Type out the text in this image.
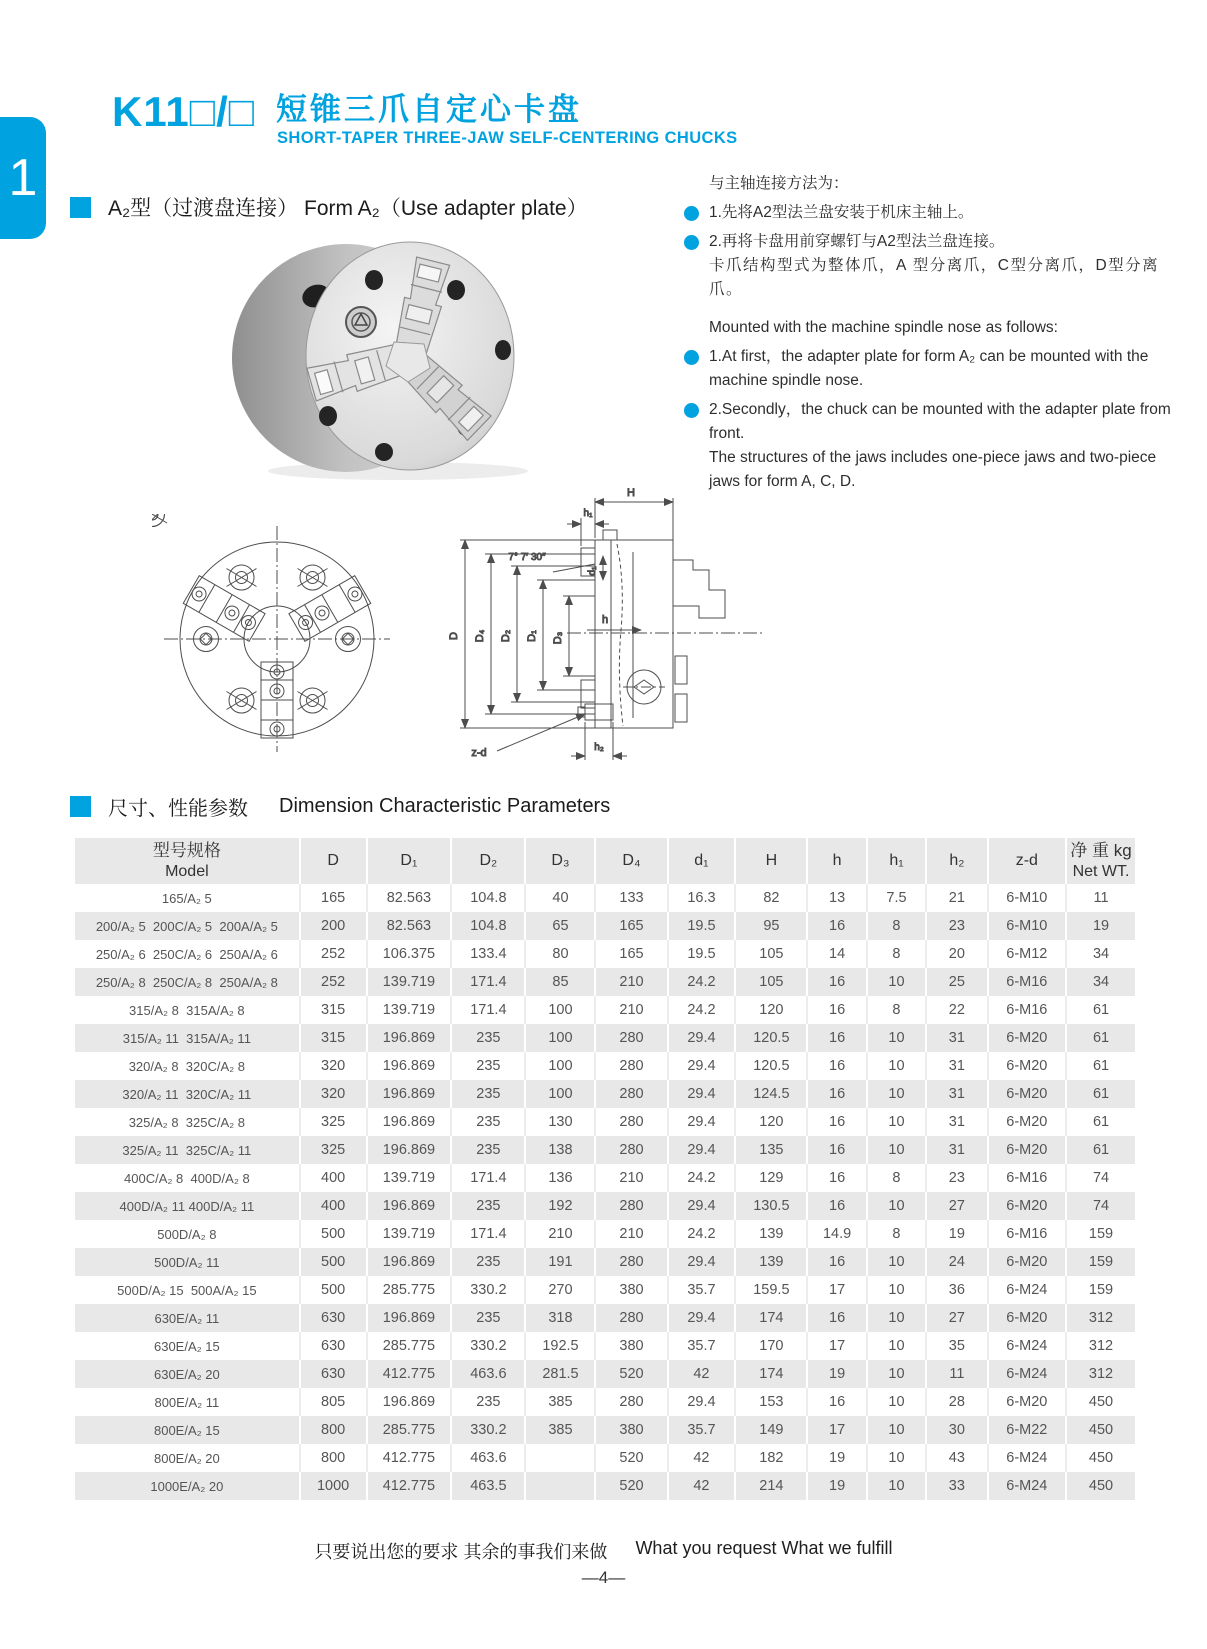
1
K11□/□ 短锥三爪自定心卡盘
SHORT-TAPER THREE-JAW SELF-CENTERING CHUCKS
A₂型（过渡盘连接） Form A₂（Use adapter plate）

与主轴连接方法为：

1.先将A2型法兰盘安装于机床主轴上。
2.再将卡盘用前穿螺钉与A2型法兰盘连接。

卡爪结构型式为整体爪，A 型分离爪，C型分离爪，D型分离爪。

Mounted with the machine spindle nose as follows:

1.At first，the adapter plate for form A₂ can be mounted with the machine spindle nose.
2.Secondly，the chuck can be mounted with the adapter plate from front.

The structures of the jaws includes one-piece jaws and two-piece jaws for form A, C, D.

H
h₁
7° 7′ 30″
d₁
D D₄ D₂ D₁ D₃
h
z-d	h₂
尺寸、性能参数 Dimension Characteristic Parameters
型号规格
Model

D	D₁	D₂	D₃	D₄	d₁	H	h	h₁	h₂	z-d

净 重 kg
Net WT.

165/A₂ 5	165	82.563	104.8	40	133	16.3	82	13	7.5	21	6-M10	11
200/A₂ 5  200C/A₂ 5  200A/A₂ 5	200	82.563	104.8	65	165	19.5	95	16	8	23	6-M10	19
250/A₂ 6  250C/A₂ 6  250A/A₂ 6	252	106.375	133.4	80	165	19.5	105	14	8	20	6-M12	34
250/A₂ 8  250C/A₂ 8  250A/A₂ 8	252	139.719	171.4	85	210	24.2	105	16	10	25	6-M16	34
315/A₂ 8  315A/A₂ 8	315	139.719	171.4	100	210	24.2	120	16	8	22	6-M16	61
315/A₂ 11  315A/A₂ 11	315	196.869	235	100	280	29.4	120.5	16	10	31	6-M20	61
320/A₂ 8  320C/A₂ 8	320	196.869	235	100	280	29.4	120.5	16	10	31	6-M20	61
320/A₂ 11  320C/A₂ 11	320	196.869	235	100	280	29.4	124.5	16	10	31	6-M20	61
325/A₂ 8  325C/A₂ 8	325	196.869	235	130	280	29.4	120	16	10	31	6-M20	61
325/A₂ 11  325C/A₂ 11	325	196.869	235	138	280	29.4	135	16	10	31	6-M20	61
400C/A₂ 8  400D/A₂ 8	400	139.719	171.4	136	210	24.2	129	16	8	23	6-M16	74
400D/A₂ 11 400D/A₂ 11	400	196.869	235	192	280	29.4	130.5	16	10	27	6-M20	74
500D/A₂ 8	500	139.719	171.4	210	210	24.2	139	14.9	8	19	6-M16	159
500D/A₂ 11	500	196.869	235	191	280	29.4	139	16	10	24	6-M20	159
500D/A₂ 15  500A/A₂ 15	500	285.775	330.2	270	380	35.7	159.5	17	10	36	6-M24	159
630E/A₂ 11	630	196.869	235	318	280	29.4	174	16	10	27	6-M20	312
630E/A₂ 15	630	285.775	330.2	192.5	380	35.7	170	17	10	35	6-M24	312
630E/A₂ 20	630	412.775	463.6	281.5	520	42	174	19	10	11	6-M24	312
800E/A₂ 11	805	196.869	235	385	280	29.4	153	16	10	28	6-M20	450
800E/A₂ 15	800	285.775	330.2	385	380	35.7	149	17	10	30	6-M22	450
800E/A₂ 20	800	412.775	463.6		520	42	182	19	10	43	6-M24	450
1000E/A₂ 20	1000	412.775	463.5		520	42	214	19	10	33	6-M24	450
只要说出您的要求 其余的事我们来做 What you request What we fulfill
—4—
